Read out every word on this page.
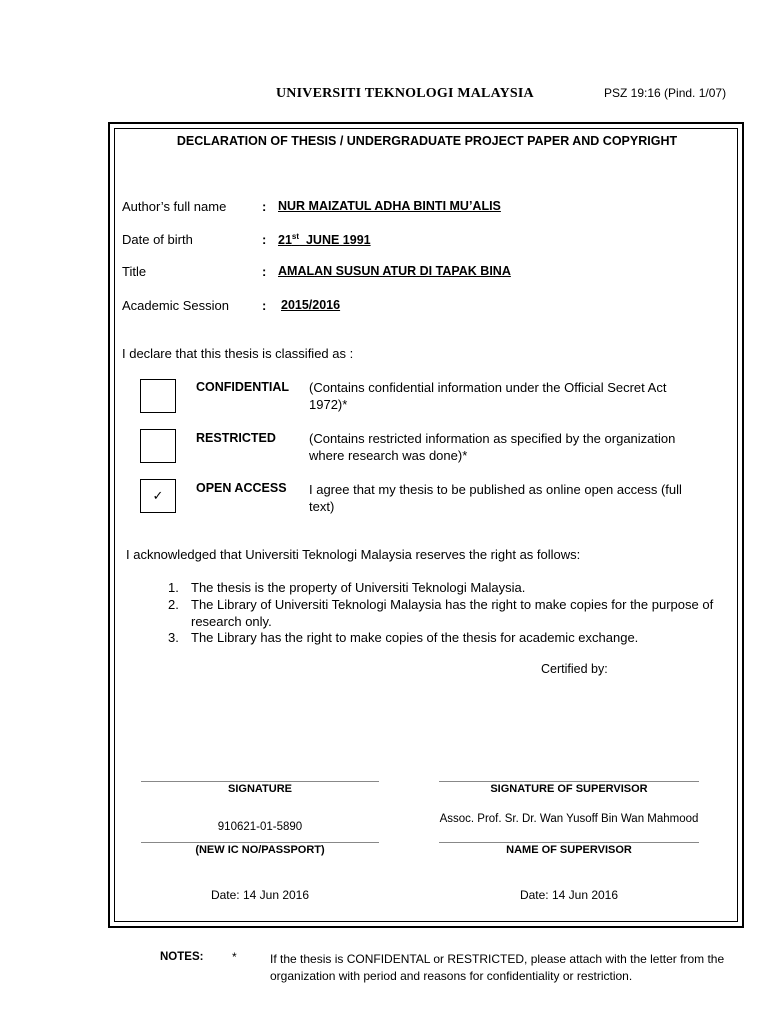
UNIVERSITI TEKNOLOGI MALAYSIA	PSZ 19:16 (Pind. 1/07)
DECLARATION OF THESIS / UNDERGRADUATE PROJECT PAPER AND COPYRIGHT
Author’s full name	: NUR MAIZATUL ADHA BINTI MU’ALIS
Date of birth	: 21st JUNE 1991
Title	: AMALAN SUSUN ATUR DI TAPAK BINA
Academic Session	: 2015/2016
I declare that this thesis is classified as :
CONFIDENTIAL (Contains confidential information under the Official Secret Act 1972)*
RESTRICTED	(Contains restricted information as specified by the organization where research was done)*
✓	OPEN ACCESS I agree that my thesis to be published as online open access (full text)
I acknowledged that Universiti Teknologi Malaysia reserves the right as follows:
1. The thesis is the property of Universiti Teknologi Malaysia.
2. The Library of Universiti Teknologi Malaysia has the right to make copies for the purpose of research only.
3. The Library has the right to make copies of the thesis for academic exchange.
Certified by:
SIGNATURE	SIGNATURE OF SUPERVISOR
910621-01-5890
Assoc. Prof. Sr. Dr. Wan Yusoff Bin Wan Mahmood
(NEW IC NO/PASSPORT)	NAME OF SUPERVISOR
Date: 14 Jun 2016	Date: 14 Jun 2016
NOTES: *	If the thesis is CONFIDENTAL or RESTRICTED, please attach with the letter from the organization with period and reasons for confidentiality or restriction.
